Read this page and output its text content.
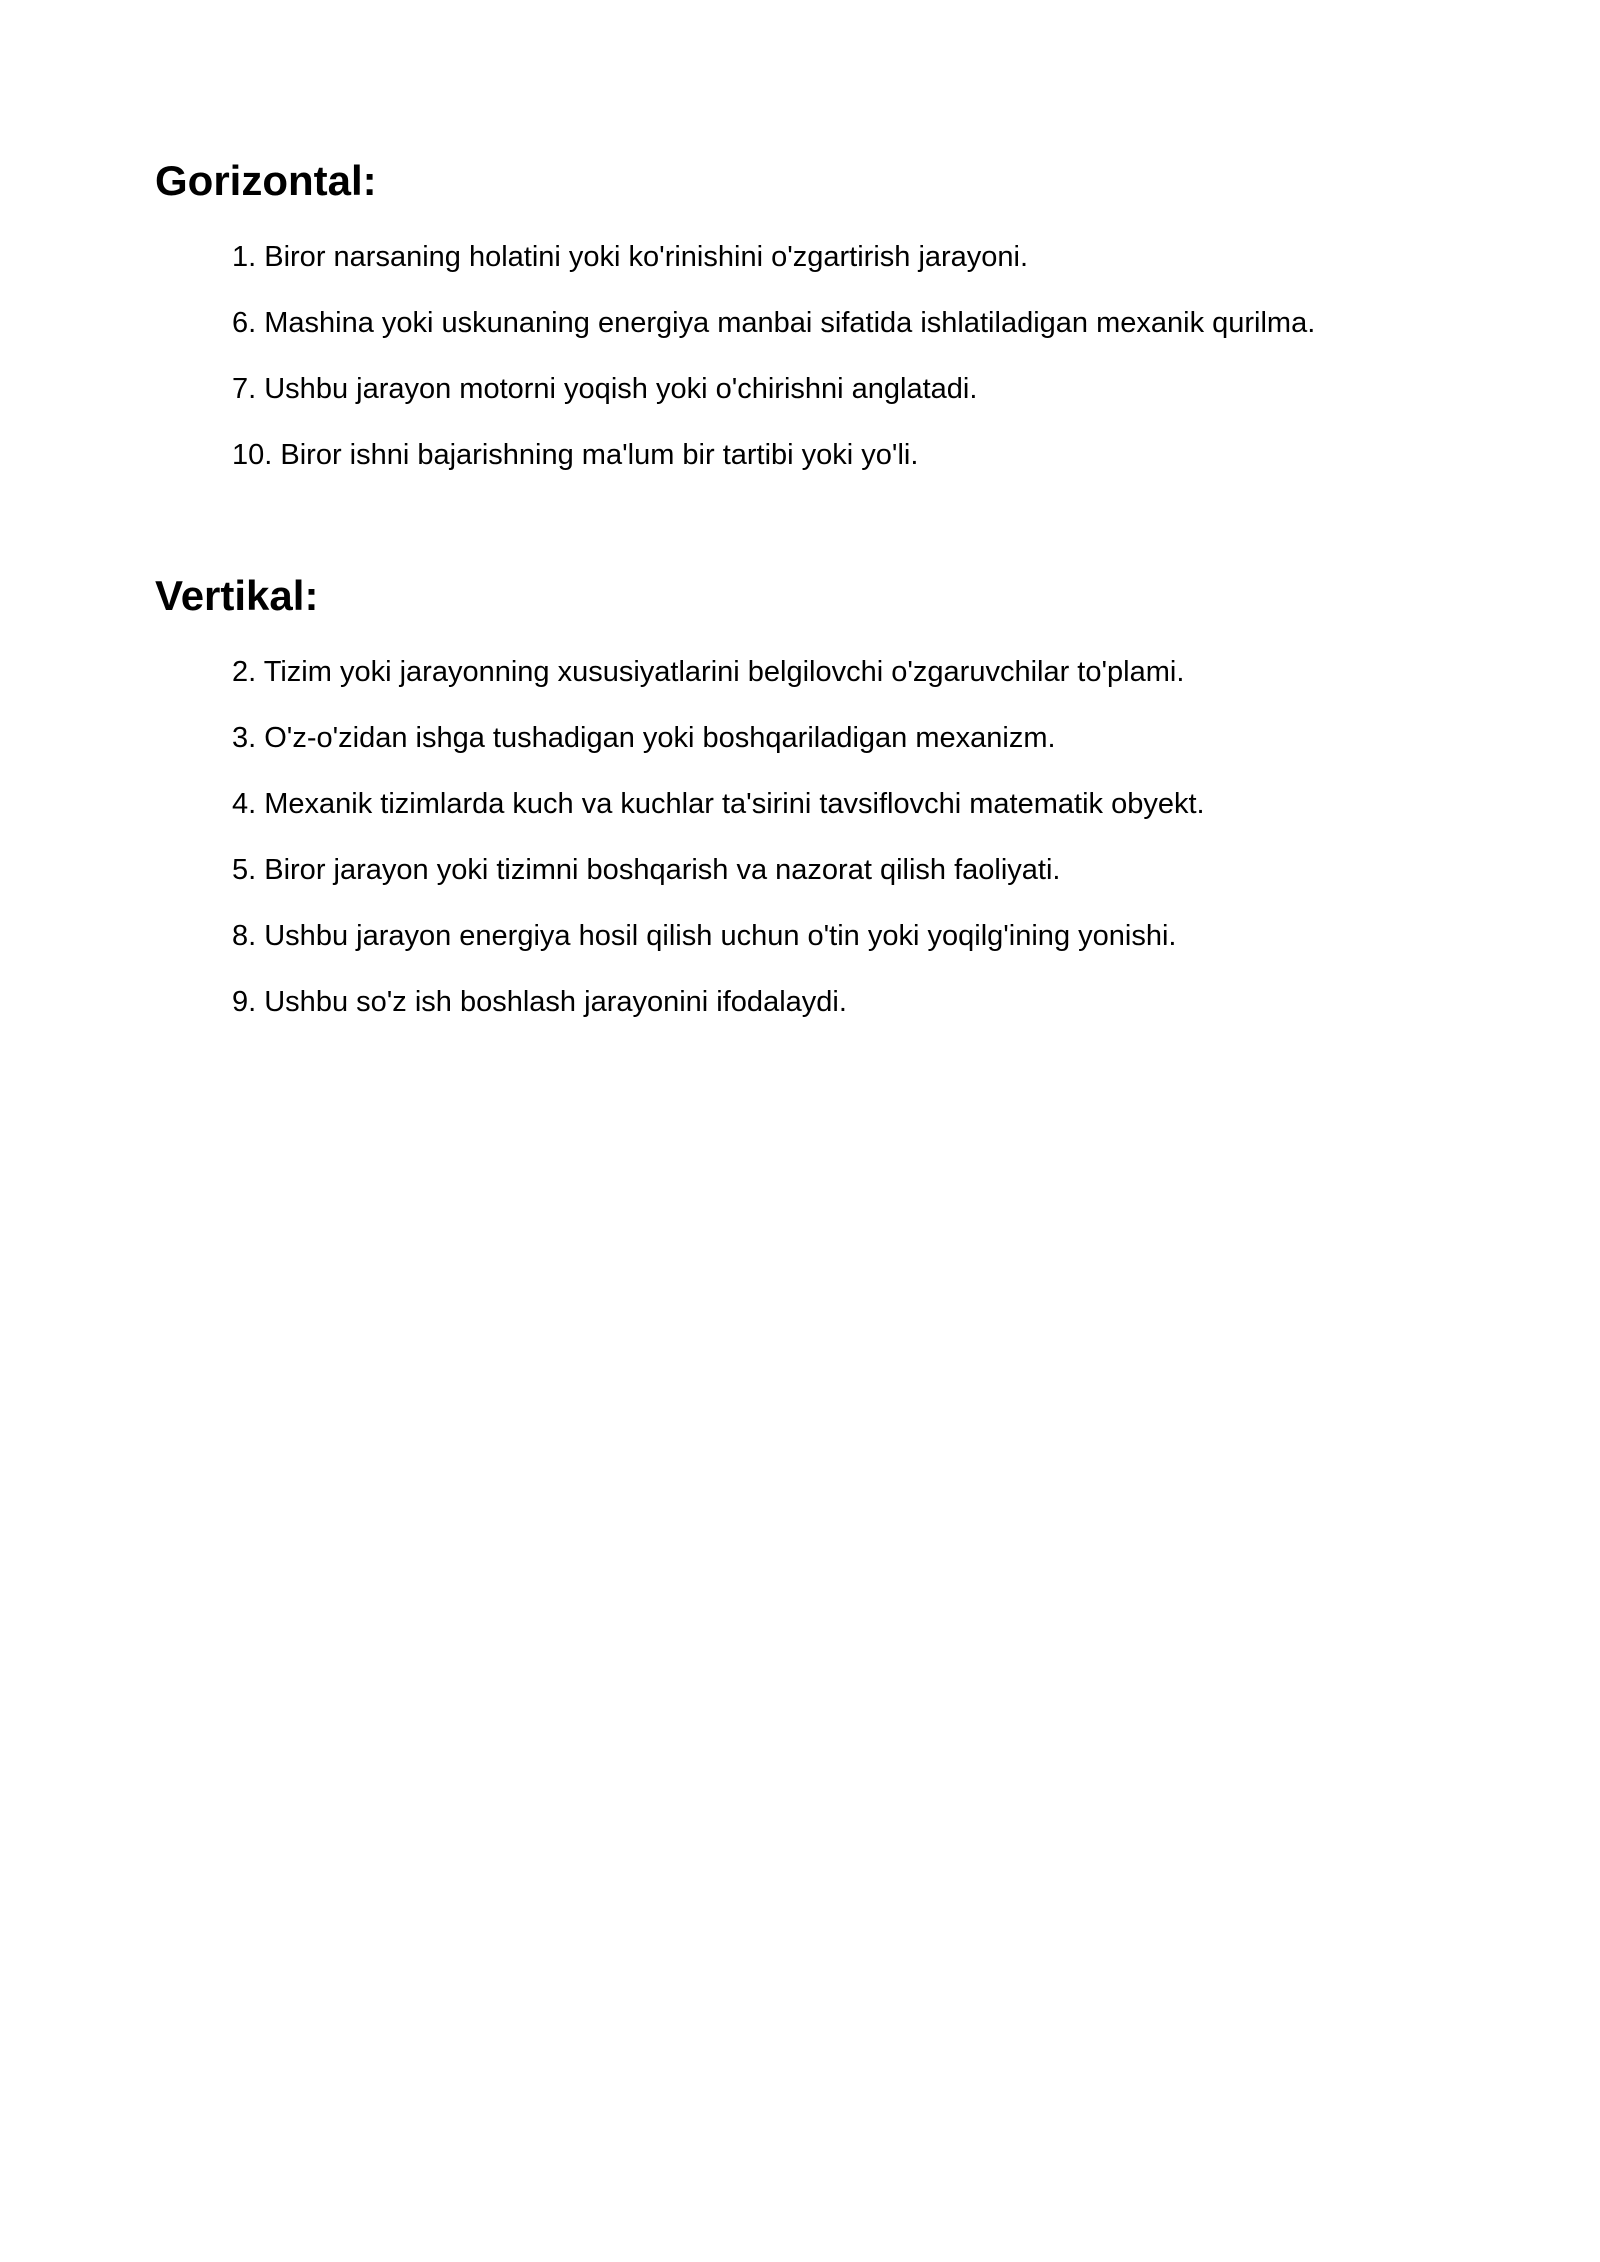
Gorizontal:
1. Biror narsaning holatini yoki ko'rinishini o'zgartirish jarayoni.
6. Mashina yoki uskunaning energiya manbai sifatida ishlatiladigan mexanik qurilma.
7. Ushbu jarayon motorni yoqish yoki o'chirishni anglatadi.
10. Biror ishni bajarishning ma'lum bir tartibi yoki yo'li.
Vertikal:
2. Tizim yoki jarayonning xususiyatlarini belgilovchi o'zgaruvchilar to'plami.
3. O'z-o'zidan ishga tushadigan yoki boshqariladigan mexanizm.
4. Mexanik tizimlarda kuch va kuchlar ta'sirini tavsiflovchi matematik obyekt.
5. Biror jarayon yoki tizimni boshqarish va nazorat qilish faoliyati.
8. Ushbu jarayon energiya hosil qilish uchun o'tin yoki yoqilg'ining yonishi.
9. Ushbu so'z ish boshlash jarayonini ifodalaydi.
